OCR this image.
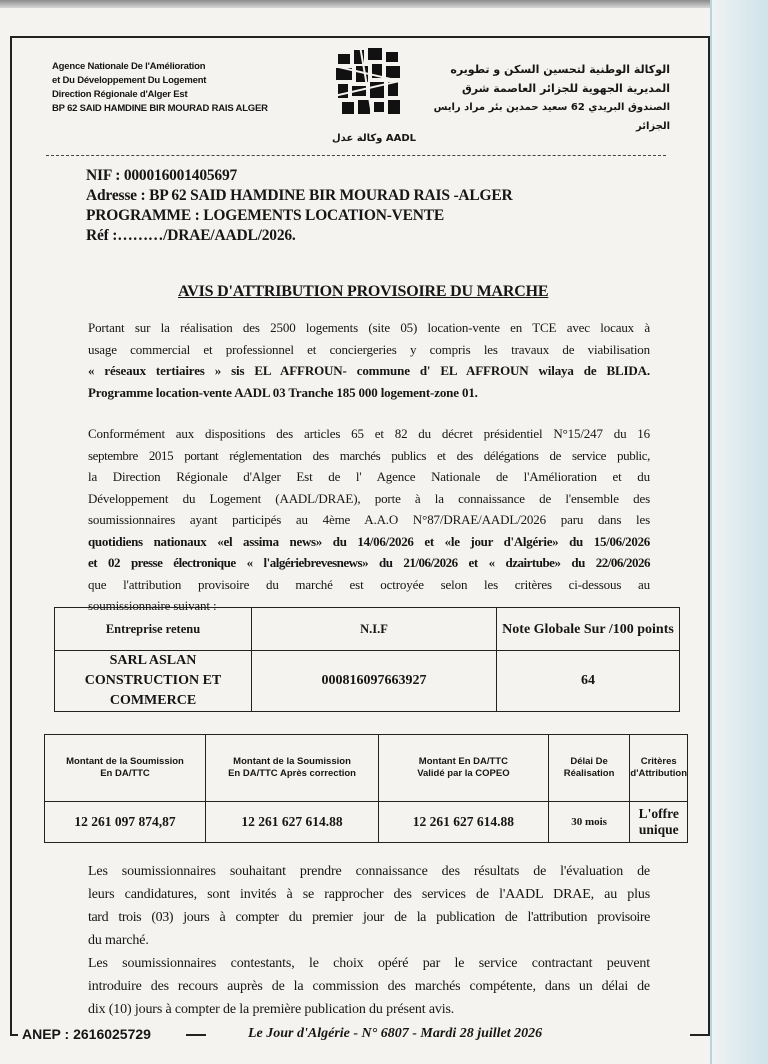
Agence Nationale De l'Amélioration
et Du Développement Du Logement
Direction Régionale d'Alger Est
BP 62 SAID HAMDINE BIR MOURAD RAIS ALGER
AADL وكالة عدل
الوكالة الوطنية لتحسين السكن و تطويره
المديرية الجهوية للجزائر العاصمة شرق
الصندوق البريدي 62 سعيد حمدين بئر مراد رايس
الجزائر
NIF : 000016001405697
Adresse : BP 62 SAID HAMDINE BIR MOURAD RAIS -ALGER
PROGRAMME : LOGEMENTS LOCATION-VENTE
Réf :………/DRAE/AADL/2026.
AVIS D'ATTRIBUTION PROVISOIRE DU MARCHE
Portant sur la réalisation des 2500 logements (site 05) location-vente en TCE avec locaux à
usage commercial et professionnel et conciergeries y compris les travaux de viabilisation
« réseaux tertiaires » sis EL AFFROUN- commune d' EL AFFROUN wilaya de BLIDA.
Programme location-vente AADL 03 Tranche 185 000 logement-zone 01.
Conformément aux dispositions des articles 65 et 82 du décret présidentiel N°15/247 du 16
septembre 2015 portant réglementation des marchés publics et des délégations de service public,
la Direction Régionale d'Alger Est de l' Agence Nationale de l'Amélioration et du
Développement du Logement (AADL/DRAE), porte à la connaissance de l'ensemble des
soumissionnaires ayant participés au 4ème A.A.O N°87/DRAE/AADL/2026 paru dans les
quotidiens nationaux «el assima news» du 14/06/2026 et «le jour d'Algérie» du 15/06/2026
et 02 presse électronique « l'algériebrevesnews» du 21/06/2026 et « dzairtube» du 22/06/2026
que l'attribution provisoire du marché est octroyée selon les critères ci-dessous au
soumissionnaire suivant :
Entreprise retenu	N.I.F	Note Globale Sur /100 points
SARL ASLAN CONSTRUCTION ET COMMERCE	000816097663927	64
Montant de la Soumission En DA/TTC	Montant de la Soumission En DA/TTC Après correction	Montant En DA/TTC Validé par la COPEO	Délai De Réalisation	Critères d'Attribution
12 261 097 874,87	12 261 627 614.88	12 261 627 614.88	30 mois	L'offre unique
Les soumissionnaires souhaitant prendre connaissance des résultats de l'évaluation de
leurs candidatures, sont invités à se rapprocher des services de l'AADL DRAE, au plus
tard trois (03) jours à compter du premier jour de la publication de l'attribution provisoire
du marché.
Les soumissionnaires contestants, le choix opéré par le service contractant peuvent
introduire des recours auprès de la commission des marchés compétente, dans un délai de
dix (10) jours à compter de la première publication du présent avis.
ANEP : 2616025729	Le Jour d'Algérie - N° 6807 - Mardi 28 juillet 2026
